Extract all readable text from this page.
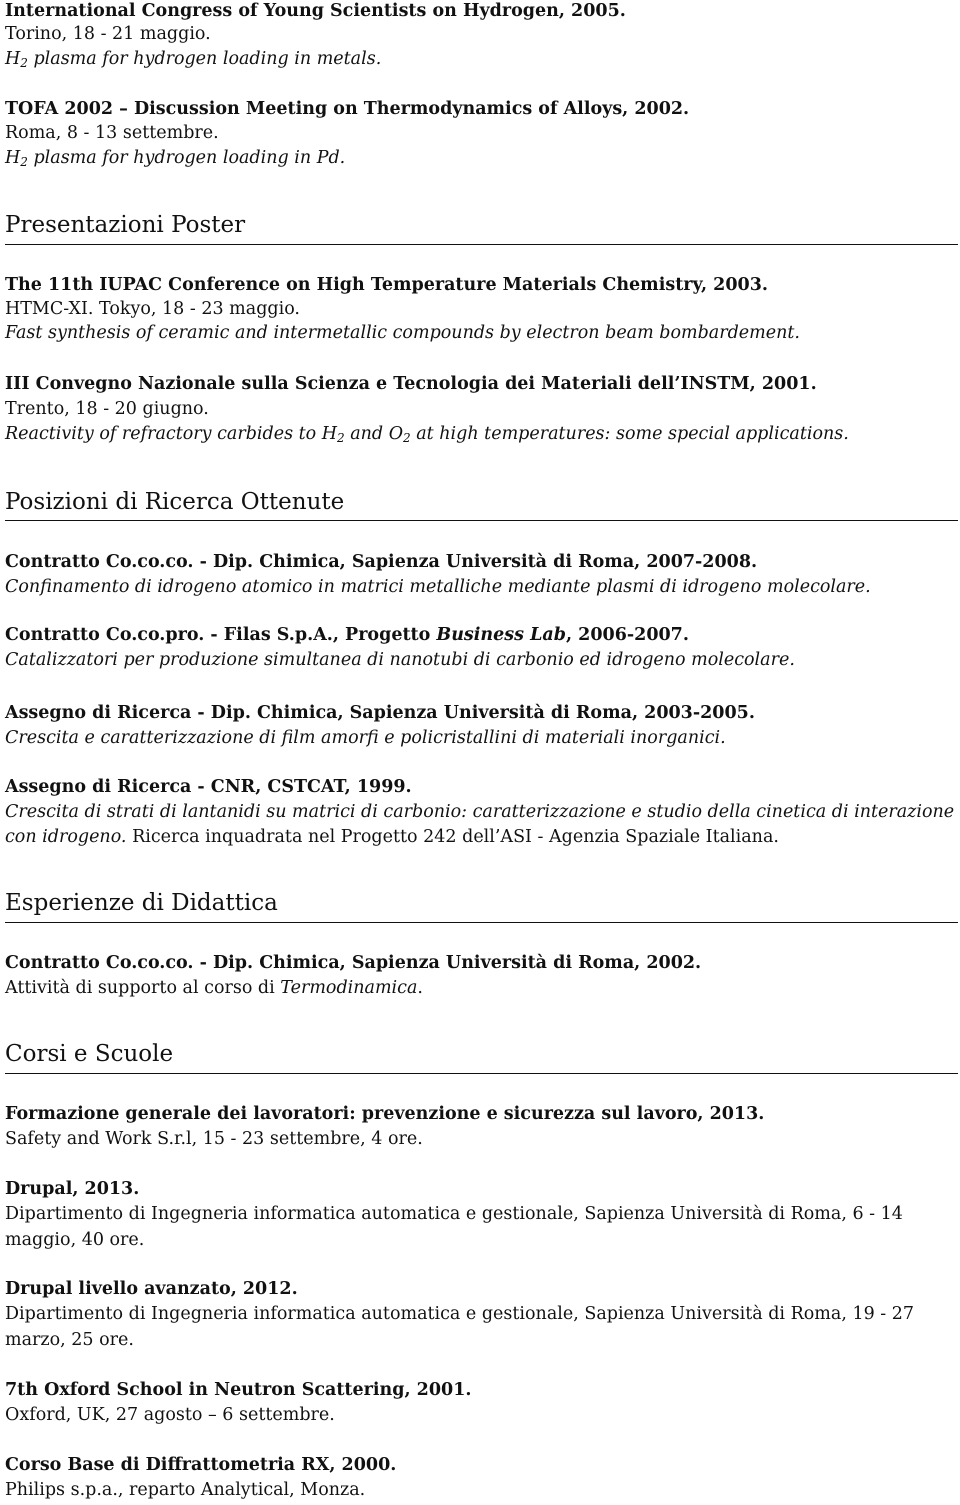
International Congress of Young Scientists on Hydrogen, 2005.
Torino, 18 - 21 maggio.
$H_2$ plasma for hydrogen loading in metals.
TOFA 2002 – Discussion Meeting on Thermodynamics of Alloys, 2002.
Roma, 8 - 13 settembre.
$H_2$ plasma for hydrogen loading in Pd.
Presentazioni Poster
The 11th IUPAC Conference on High Temperature Materials Chemistry, 2003.
HTMC-XI. Tokyo, 18 - 23 maggio.
Fast synthesis of ceramic and intermetallic compounds by electron beam bombardement.
III Convegno Nazionale sulla Scienza e Tecnologia dei Materiali dell’INSTM, 2001.
Trento, 18 - 20 giugno.
Reactivity of refractory carbides to $H_2$ and $O_2$ at high temperatures: some special applications.
Posizioni di Ricerca Ottenute
Contratto Co.co.co. - Dip. Chimica, Sapienza Università di Roma, 2007-2008.
Confinamento di idrogeno atomico in matrici metalliche mediante plasmi di idrogeno molecolare.
Contratto Co.co.pro. - Filas S.p.A., Progetto Business Lab, 2006-2007.
Catalizzatori per produzione simultanea di nanotubi di carbonio ed idrogeno molecolare.
Assegno di Ricerca - Dip. Chimica, Sapienza Università di Roma, 2003-2005.
Crescita e caratterizzazione di film amorfi e policristallini di materiali inorganici.
Assegno di Ricerca - CNR, CSTCAT, 1999.
Crescita di strati di lantanidi su matrici di carbonio: caratterizzazione e studio della cinetica di interazione
con idrogeno. Ricerca inquadrata nel Progetto 242 dell’ASI - Agenzia Spaziale Italiana.
Esperienze di Didattica
Contratto Co.co.co. - Dip. Chimica, Sapienza Università di Roma, 2002.
Attività di supporto al corso di Termodinamica.
Corsi e Scuole
Formazione generale dei lavoratori: prevenzione e sicurezza sul lavoro, 2013.
Safety and Work S.r.l, 15 - 23 settembre, 4 ore.
Drupal, 2013.
Dipartimento di Ingegneria informatica automatica e gestionale, Sapienza Università di Roma, 6 - 14
maggio, 40 ore.
Drupal livello avanzato, 2012.
Dipartimento di Ingegneria informatica automatica e gestionale, Sapienza Università di Roma, 19 - 27
marzo, 25 ore.
7th Oxford School in Neutron Scattering, 2001.
Oxford, UK, 27 agosto – 6 settembre.
Corso Base di Diffrattometria RX, 2000.
Philips s.p.a., reparto Analytical, Monza.
